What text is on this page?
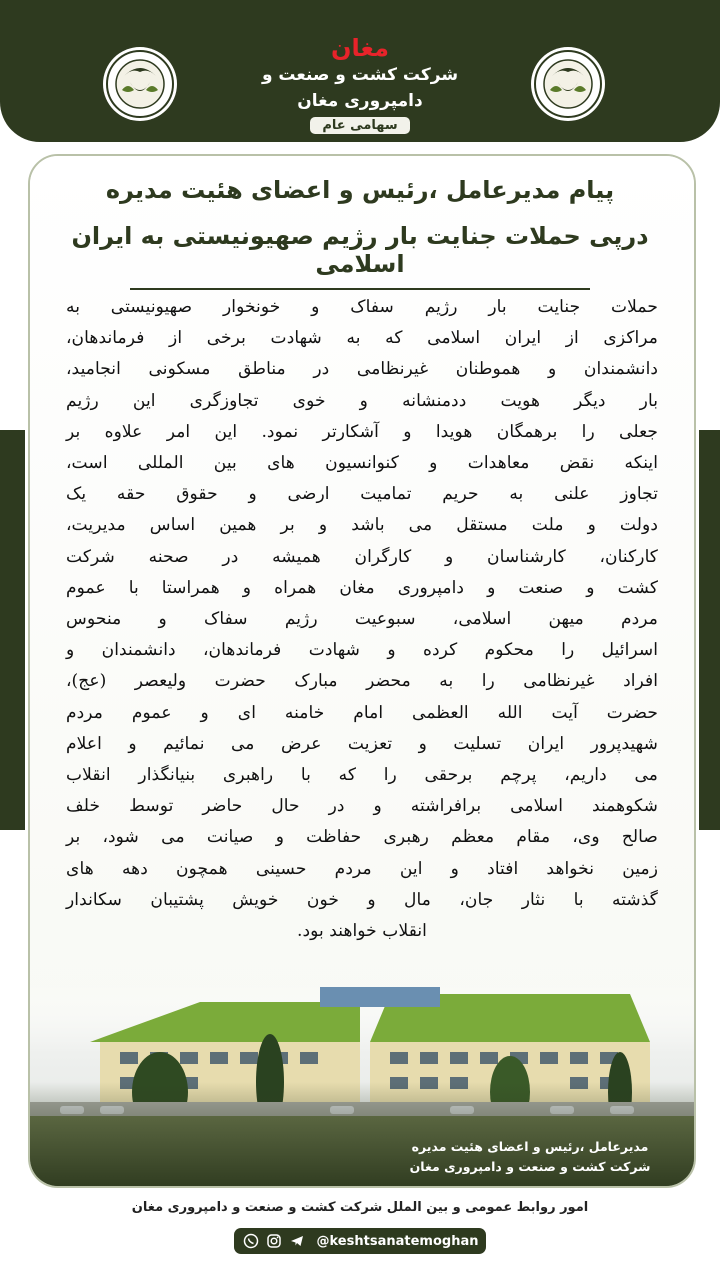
مغان
شرکت کشت و صنعت و دامپروری مغان
سهامی عام
پیام مدیرعامل ،رئیس و اعضای هئیت مدیره
درپی حملات جنایت بار رژیم صهیونیستی به ایران اسلامی
حملات جنایت بار رژیم سفاک و خونخوار صهیونیستی به
مراکزی از ایران اسلامی که به شهادت برخی از فرماندهان،
دانشمندان و هموطنان غیرنظامی در مناطق مسکونی انجامید،
بار دیگر هویت ددمنشانه و خوی تجاوزگری این رژیم
جعلی را برهمگان هویدا و آشکارتر نمود. این امر علاوه بر
اینکه نقض معاهدات و کنوانسیون های بین المللی است،
تجاوز علنی به حریم تمامیت ارضی و حقوق حقه یک
دولت و ملت مستقل می باشد و بر همین اساس مدیریت،
کارکنان، کارشناسان و کارگران همیشه در صحنه شرکت
کشت و صنعت و دامپروری مغان همراه و همراستا با عموم
مردم میهن اسلامی، سبوعیت رژیم سفاک و منحوس
اسرائیل را محکوم کرده و شهادت فرماندهان، دانشمندان و
افراد غیرنظامی را به محضر مبارک حضرت ولیعصر (عج)،
حضرت آیت الله العظمی امام خامنه ای و عموم مردم
شهیدپرور ایران تسلیت و تعزیت عرض می نمائیم و اعلام
می داریم، پرچم برحقی را که با راهبری بنیانگذار انقلاب
شکوهمند اسلامی برافراشته و در حال حاضر توسط خلف
صالح وی، مقام معظم رهبری حفاظت و صیانت می شود، بر
زمین نخواهد افتاد و این مردم حسینی همچون دهه های
گذشته با نثار جان، مال و خون خویش پشتیبان سکاندار
انقلاب خواهند بود.
مدیرعامل ،رئیس و اعضای هئیت مدیره
شرکت کشت و صنعت و دامپروری مغان
امور روابط عمومی و بین الملل شرکت کشت و صنعت و دامپروری مغان
@keshtsanatemoghan
